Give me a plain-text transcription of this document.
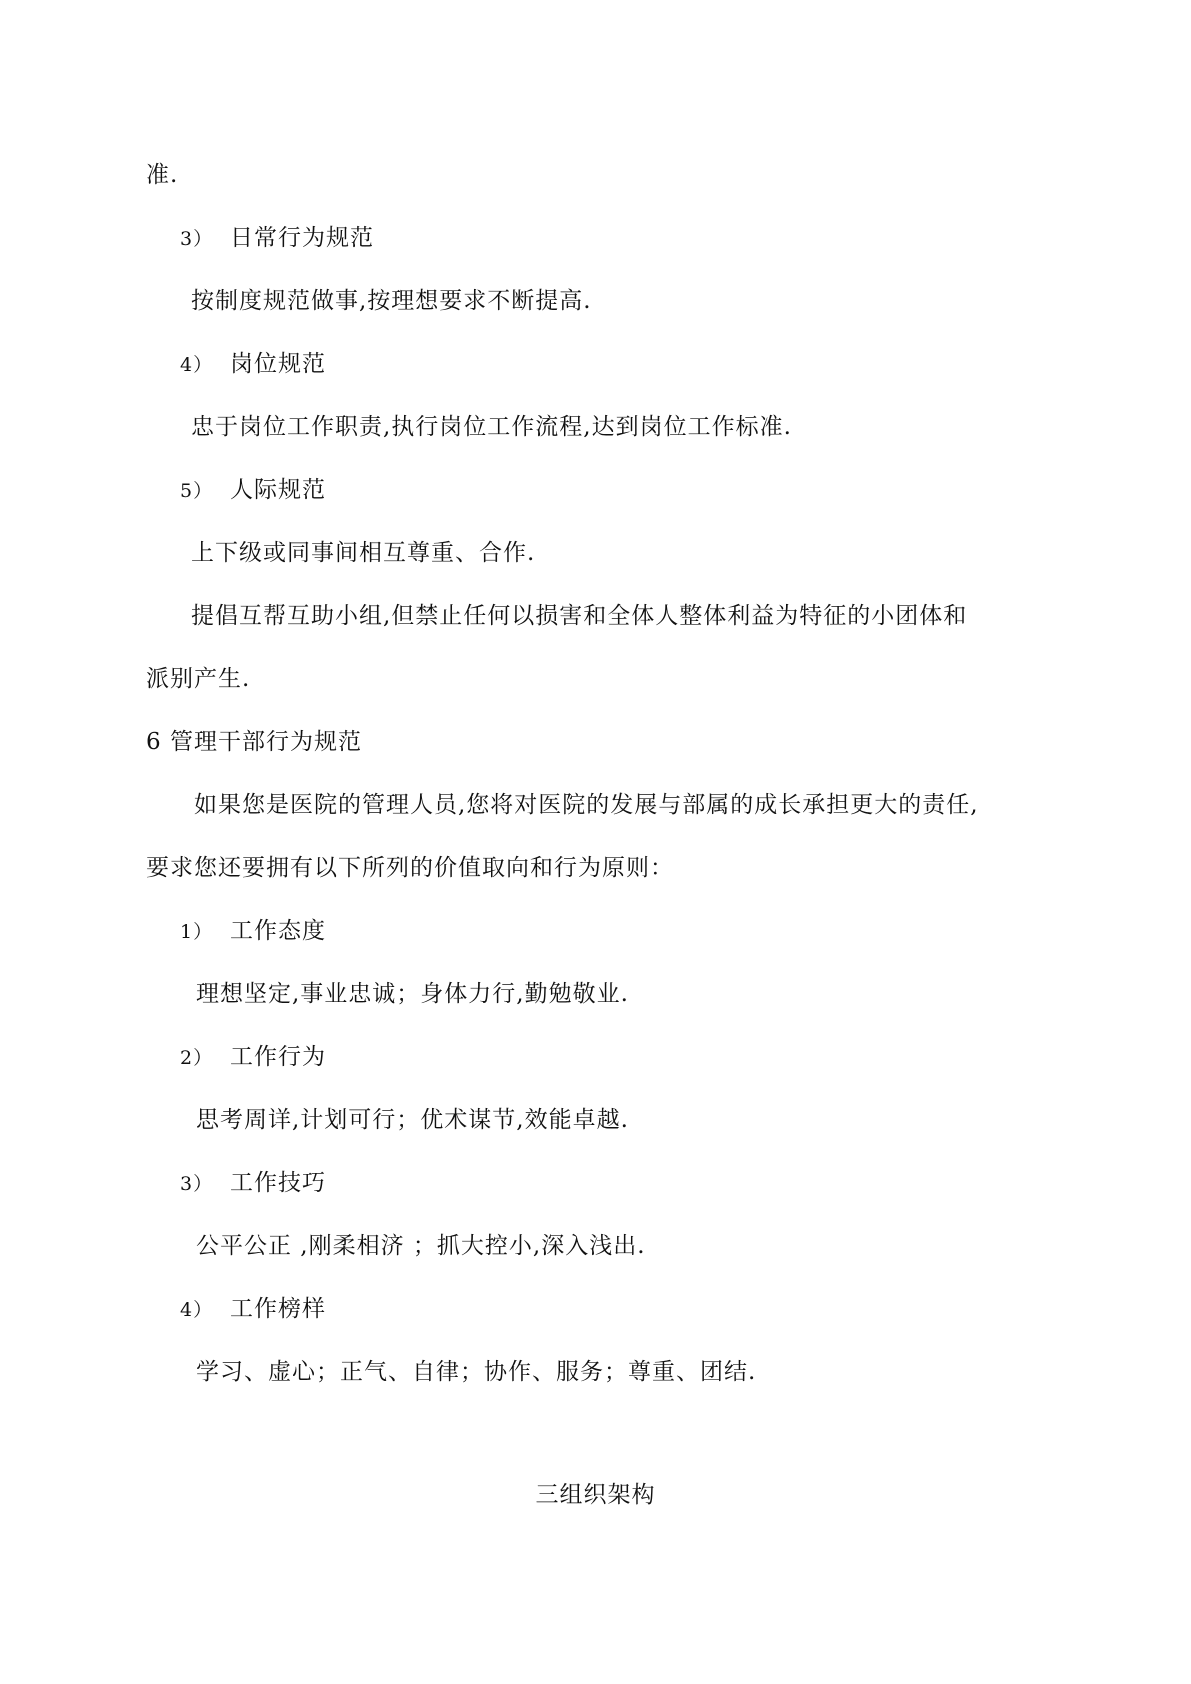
准.
3） 日常行为规范
按制度规范做事,按理想要求不断提高.
4） 岗位规范
忠于岗位工作职责,执行岗位工作流程,达到岗位工作标准.
5） 人际规范
上下级或同事间相互尊重、合作.
提倡互帮互助小组,但禁止任何以损害和全体人整体利益为特征的小团体和
派别产生.
6 管理干部行为规范
如果您是医院的管理人员,您将对医院的发展与部属的成长承担更大的责任,
要求您还要拥有以下所列的价值取向和行为原则：
1） 工作态度
理想坚定,事业忠诚；身体力行,勤勉敬业.
2） 工作行为
思考周详,计划可行；优术谋节,效能卓越.
3） 工作技巧
公平公正 ,刚柔相济 ；抓大控小,深入浅出.
4） 工作榜样
学习、虚心；正气、自律；协作、服务；尊重、团结.
三组织架构
